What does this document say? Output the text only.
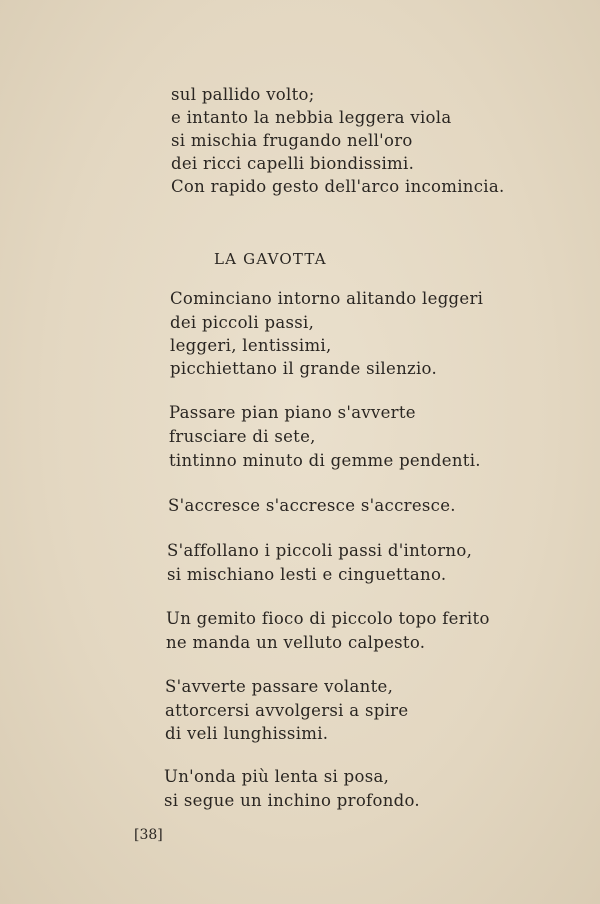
sul pallido volto;
e intanto la nebbia leggera viola
si mischia frugando nell'oro
dei ricci capelli biondissimi.
Con rapido gesto dell'arco incomincia.
LA GAVOTTA
Cominciano intorno alitando leggeri
dei piccoli passi,
leggeri, lentissimi,
picchiettano il grande silenzio.
Passare pian piano s'avverte
frusciare di sete,
tintinno minuto di gemme pendenti.
S'accresce s'accresce s'accresce.
S'affollano i piccoli passi d'intorno,
si mischiano lesti e cinguettano.
Un gemito fioco di piccolo topo ferito
ne manda un velluto calpesto.
S'avverte passare volante,
attorcersi avvolgersi a spire
di veli lunghissimi.
Un'onda più lenta si posa,
si segue un inchino profondo.
[38]
